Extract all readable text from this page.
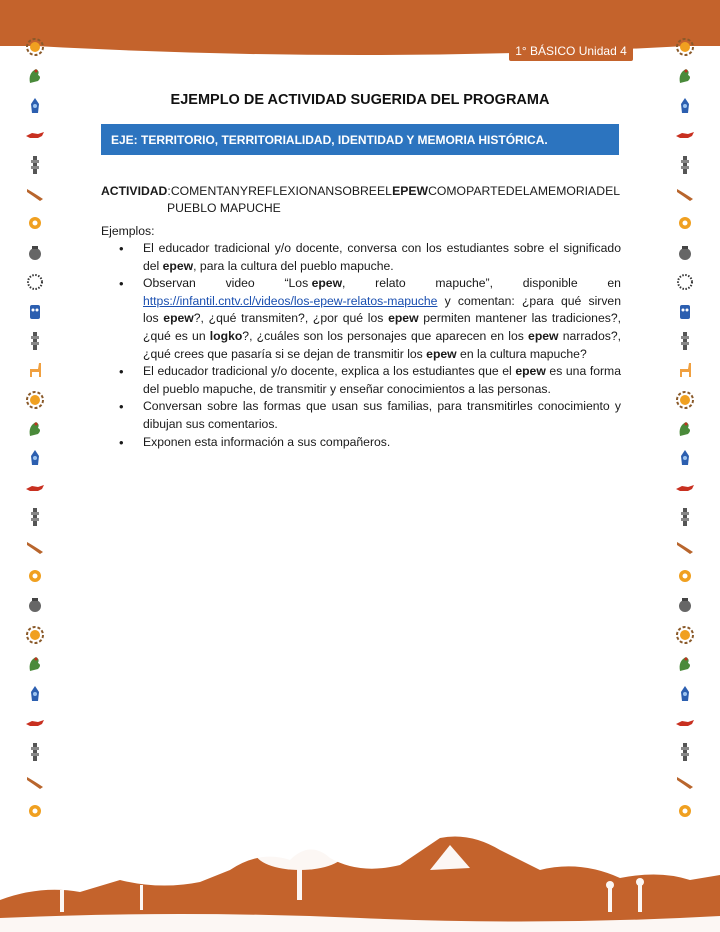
1° BÁSICO Unidad 4
EJEMPLO DE ACTIVIDAD SUGERIDA DEL PROGRAMA
EJE: TERRITORIO, TERRITORIALIDAD, IDENTIDAD Y MEMORIA HISTÓRICA.
ACTIVIDAD: COMENTAN Y REFLEXIONAN SOBRE EL EPEW COMO PARTE DE LA MEMORIA DEL
PUEBLO MAPUCHE
Ejemplos:
• El educador tradicional y/o docente, conversa con los estudiantes sobre el significado del epew, para la cultura del pueblo mapuche.
• Observan video “Los epew, relato mapuche”, disponible en
https://infantil.cntv.cl/videos/los-epew-relatos-mapuche y comentan: ¿para qué sirven los epew?, ¿qué transmiten?, ¿por qué los epew permiten mantener las tradiciones?, ¿qué es un logko?, ¿cuáles son los personajes que aparecen en los epew narrados?, ¿qué crees que pasaría si se dejan de transmitir los epew en la cultura mapuche?
• El educador tradicional y/o docente, explica a los estudiantes que el epew es una forma del pueblo mapuche, de transmitir y enseñar conocimientos a las personas.
• Conversan sobre las formas que usan sus familias, para transmitirles conocimiento y dibujan sus comentarios.
• Exponen esta información a sus compañeros.
